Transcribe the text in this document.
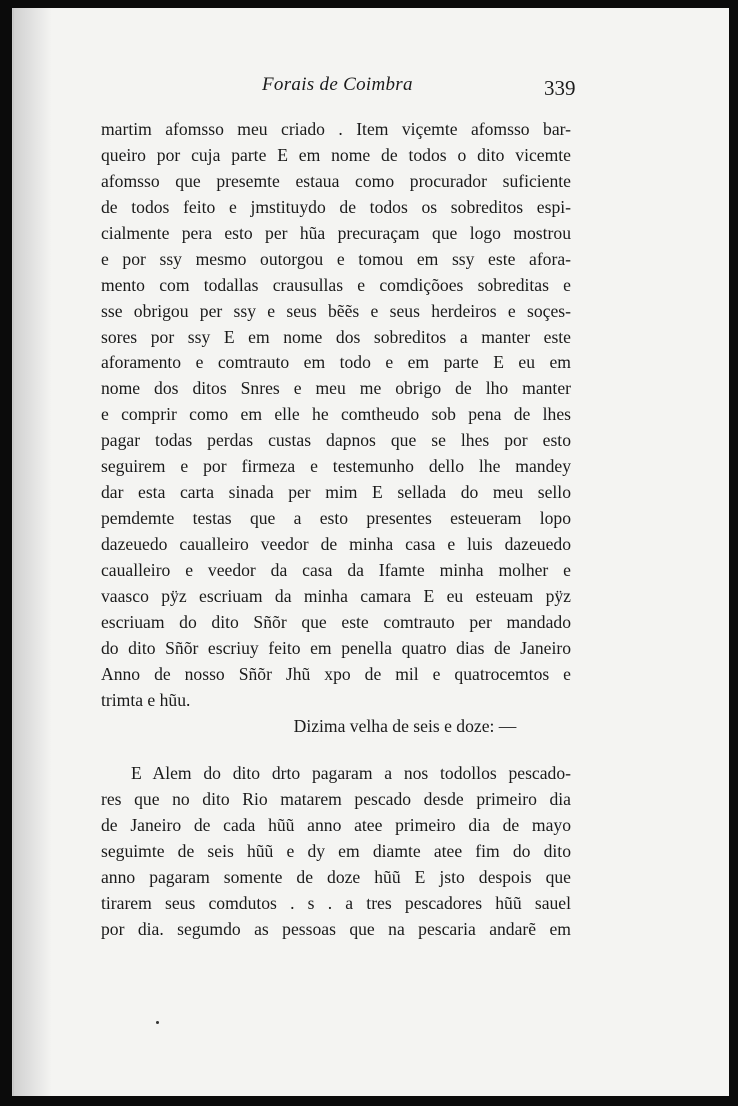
Forais de Coimbra	339
martim afomsso meu criado . Item viçemte afomsso bar-
queiro por cuja parte E em nome de todos o dito vicemte
afomsso que presemte estaua como procurador suficiente
de todos feito e jmstituydo de todos os sobreditos espi-
cialmente pera esto per hũa precuraçam que logo mostrou
e por ssy mesmo outorgou e tomou em ssy este afora-
mento com todallas crausullas e comdiçõoes sobreditas e
sse obrigou per ssy e seus bẽẽs e seus herdeiros e soçes-
sores por ssy E em nome dos sobreditos a manter este
aforamento e comtrauto em todo e em parte E eu em
nome dos ditos Snres e meu me obrigo de lho manter
e comprir como em elle he comtheudo sob pena de lhes
pagar todas perdas custas dapnos que se lhes por esto
seguirem e por firmeza e testemunho dello lhe mandey
dar esta carta sinada per mim E sellada do meu sello
pemdemte testas que a esto presentes esteueram lopo
dazeuedo caualleiro veedor de minha casa e luis dazeuedo
caualleiro e veedor da casa da Ifamte minha molher e
vaasco pÿz escriuam da minha camara E eu esteuam pÿz
escriuam do dito Sñõr que este comtrauto per mandado
do dito Sñõr escriuy feito em penella quatro dias de Janeiro
Anno de nosso Sñõr Jhũ xpo de mil e quatrocemtos e
trimta e hũu.
Dizima velha de seis e doze: —
E Alem do dito drto pagaram a nos todollos pescado-
res que no dito Rio matarem pescado desde primeiro dia
de Janeiro de cada hũũ anno atee primeiro dia de mayo
seguimte de seis hũũ e dy em diamte atee fim do dito
anno pagaram somente de doze hũũ E jsto despois que
tirarem seus comdutos . s . a tres pescadores hũũ sauel
por dia. segumdo as pessoas que na pescaria andarẽ em
